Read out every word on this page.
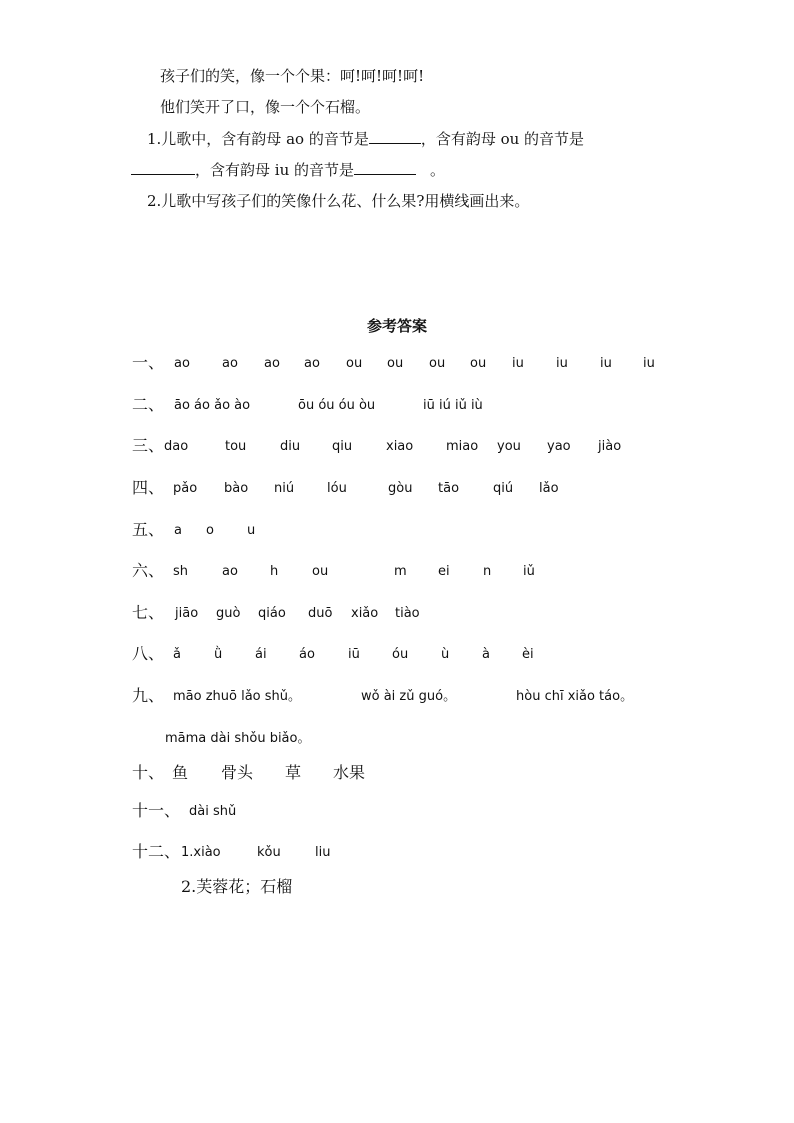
孩子们的笑，像一个个果：呵!呵!呵!呵!
他们笑开了口，像一个个石榴。
1.儿歌中，含有韵母 ao 的音节是	，含有韵母 ou 的音节是
，含有韵母 iu 的音节是	。
2.儿歌中写孩子们的笑像什么花、什么果?用横线画出来。
参考答案
一、 ao ao ao ao ou ou ou ou iu iu iu iu
二、 āo áo ǎo ào	ōu óu óu òu	iū iú iǔ iù
三、 dao	tou	diu qiu	xiao	miao you yao jiào
四、 pǎo bào niú	lóu	gòu tāo	qiú lǎo
五、 a o	u
六、 sh	ao h	ou	m ei	n iǔ
七、 jiāo guò qiáo duō xiǎo tiào
八、 ǎ	ǜ	ái áo	iū óu	ù	à èi
九、 māo zhuō lǎo shǔ。	wǒ ài zǔ guó。	hòu chī xiǎo táo。
māma dài shǒu biǎo。
十、 鱼 骨头 草 水果
十一、 dài shǔ
十二、 1.xiào	kǒu	liu
2.芙蓉花；石榴
